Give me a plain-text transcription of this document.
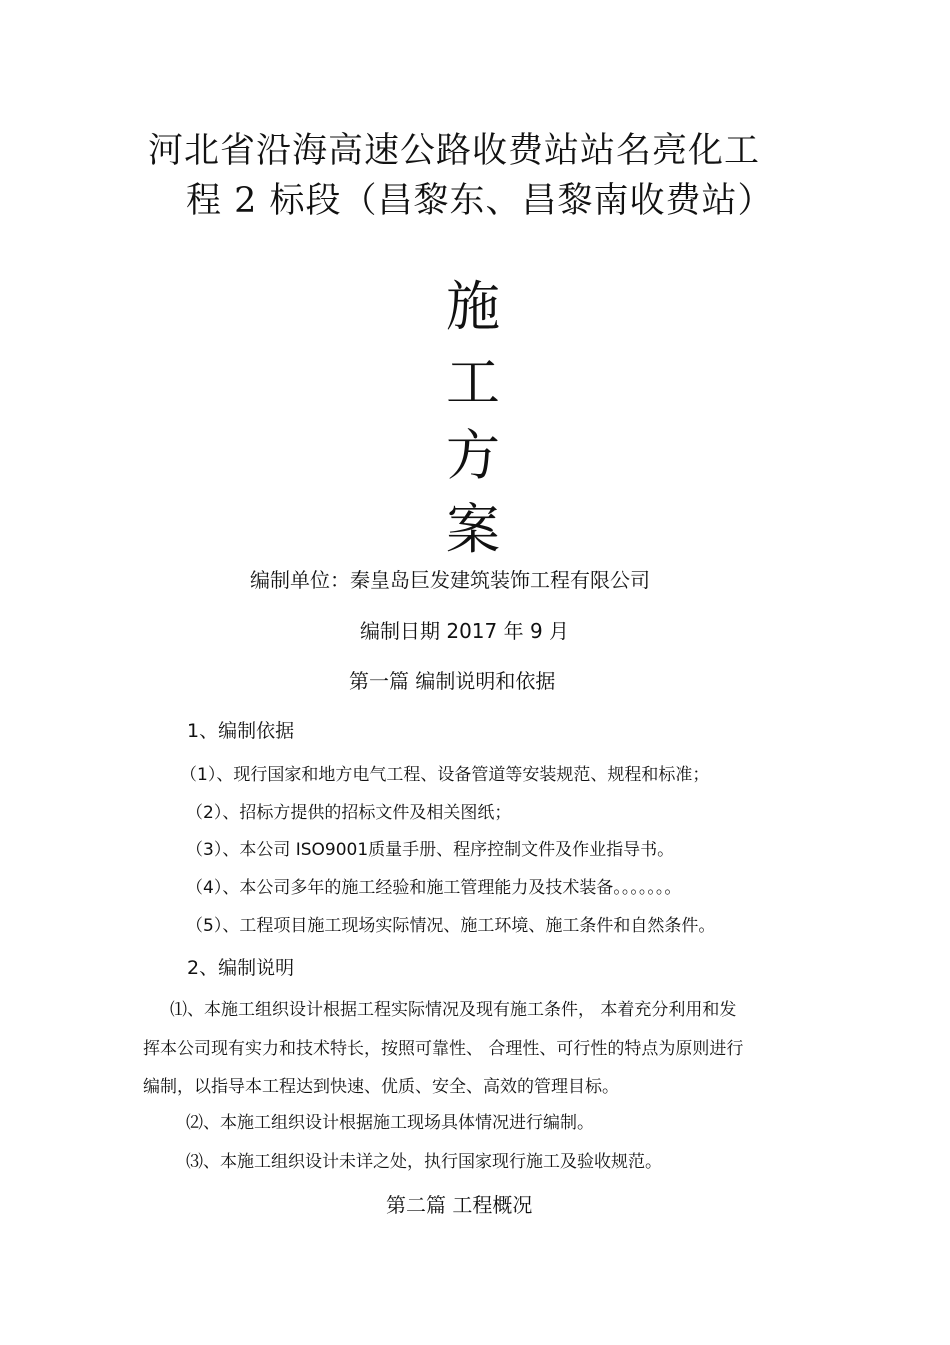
河北省沿海高速公路收费站站名亮化工
程 2 标段（昌黎东、昌黎南收费站）
施
工
方
案
编制单位：秦皇岛巨发建筑装饰工程有限公司
编制日期 2017 年 9 月
第一篇 编制说明和依据
1、编制依据
（1）、现行国家和地方电气工程、设备管道等安装规范、规程和标准；
（2）、招标方提供的招标文件及相关图纸；
（3）、本公司 ISO9001质量手册、程序控制文件及作业指导书。
（4）、本公司多年的施工经验和施工管理能力及技术装备。。。。。。。
（5）、工程项目施工现场实际情况、施工环境、施工条件和自然条件。
2、编制说明
⑴、本施工组织设计根据工程实际情况及现有施工条件， 本着充分利用和发
挥本公司现有实力和技术特长，按照可靠性、 合理性、可行性的特点为原则进行
编制，以指导本工程达到快速、优质、安全、高效的管理目标。
⑵、本施工组织设计根据施工现场具体情况进行编制。
⑶、本施工组织设计未详之处，执行国家现行施工及验收规范。
第二篇 工程概况
